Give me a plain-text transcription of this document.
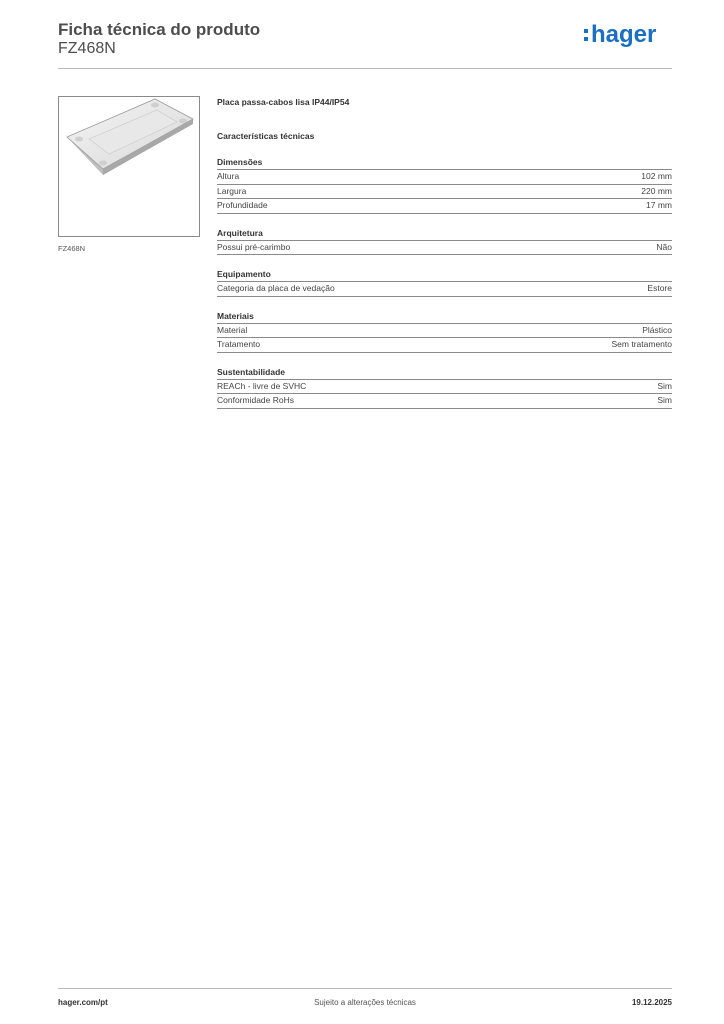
Ficha técnica do produto
FZ468N
hager
FZ468N
Placa passa-cabos lisa IP44/IP54
Características técnicas
Dimensões
Altura	102 mm
Largura	220 mm
Profundidade	17 mm
Arquitetura
Possui pré-carimbo	Não
Equipamento
Categoria da placa de vedação	Estore
Materiais
Material	Plástico
Tratamento	Sem tratamento
Sustentabilidade
REACh - livre de SVHC	Sim
Conformidade RoHs	Sim
hager.com/pt	Sujeito a alterações técnicas	19.12.2025
